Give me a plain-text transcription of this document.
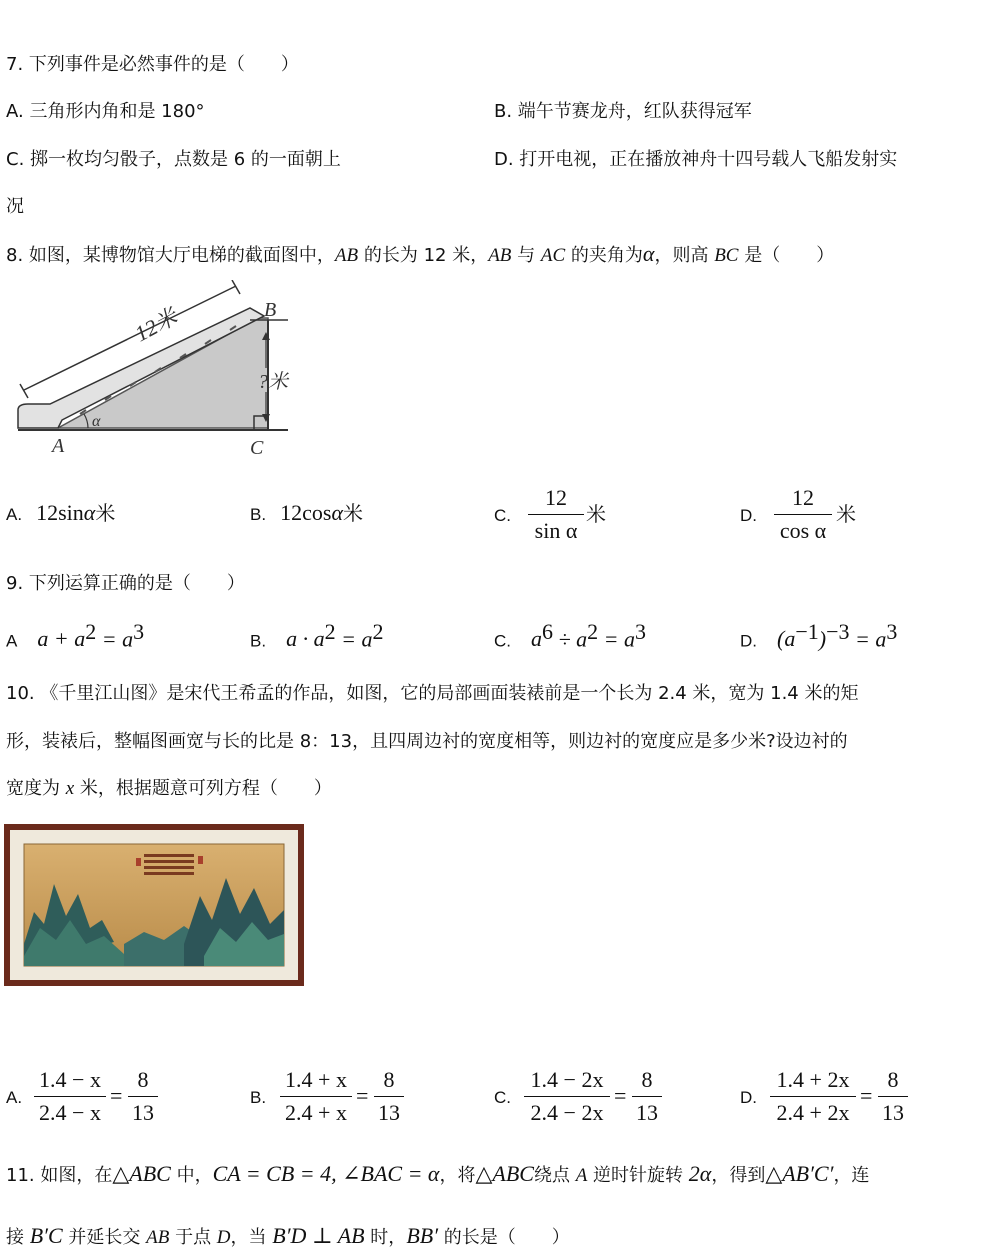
7. 下列事件是必然事件的是（　　）
A. 三角形内角和是 180°	B. 端午节赛龙舟，红队获得冠军
C. 掷一枚均匀骰子，点数是 6 的一面朝上	D. 打开电视，正在播放神舟十四号载人飞船发射实
况
8. 如图，某博物馆大厅电梯的截面图中，AB 的长为 12 米，AB 与 AC 的夹角为α，则高 BC 是（　　）
12米
?米
A
B
C
α
A. 12sinα米	B. 12cosα米	C.
12
sin α
米	D.
12
cos α
米
9. 下列运算正确的是（　　）
A $a + a^2 = a^3$	B. $a \cdot a^2 = a^2$	C. $a^6 \div a^2 = a^3$	D. $(a^{-1})^{-3} = a^3$
10. 《千里江山图》是宋代王希孟的作品，如图，它的局部画面装裱前是一个长为 2.4 米，宽为 1.4 米的矩
形，装裱后，整幅图画宽与长的比是 8：13，且四周边衬的宽度相等，则边衬的宽度应是多少米?设边衬的
宽度为 x 米，根据题意可列方程（　　）
A.
1.4 − x
2.4 − x
=
8
13
B.
1.4 + x
2.4 + x
=
8
13
C.
1.4 − 2x
2.4 − 2x
=
8
13
D.
1.4 + 2x
2.4 + 2x
=
8
13
11. 如图，在△ABC 中，CA = CB = 4, ∠BAC = α，将△ABC绕点 A 逆时针旋转 2α，得到△AB′C′，连
接 B′C 并延长交 AB 于点 D，当 B′D ⊥ AB 时，BB′ 的长是（　　）
